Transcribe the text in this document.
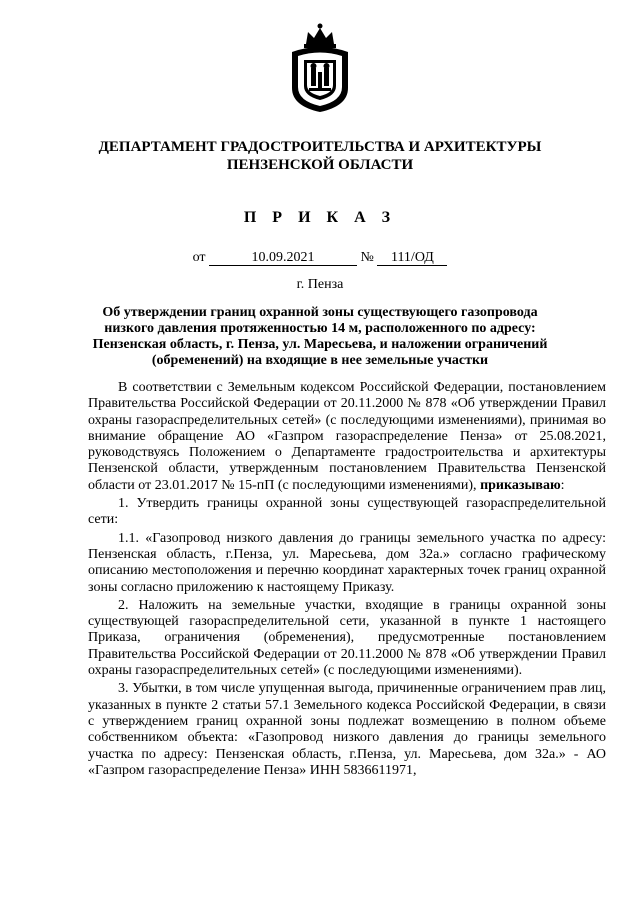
ДЕПАРТАМЕНТ ГРАДОСТРОИТЕЛЬСТВА И АРХИТЕКТУРЫ
ПЕНЗЕНСКОЙ ОБЛАСТИ
П Р И К А З
от	10.09.2021	№ 111/ОД
г. Пенза
Об утверждении границ охранной зоны существующего газопровода
низкого давления протяженностью 14 м, расположенного по адресу:
Пензенская область, г. Пенза, ул. Маресьева, и наложении ограничений
(обременений) на входящие в нее земельные участки

В соответствии с Земельным кодексом Российской Федерации, постановлением Правительства Российской Федерации от 20.11.2000 № 878 «Об утверждении Правил охраны газораспределительных сетей» (с последующими изменениями), принимая во внимание обращение АО «Газпром газораспределение Пенза» от 25.08.2021, руководствуясь Положением о Департаменте градостроительства и архитектуры Пензенской области, утвержденным постановлением Правительства Пензенской области от 23.01.2017 № 15-пП (с последующими изменениями), приказываю:

1. Утвердить границы охранной зоны существующей газораспределительной сети:

1.1. «Газопровод низкого давления до границы земельного участка по адресу: Пензенская область, г.Пенза, ул. Маресьева, дом 32а.» согласно графическому описанию местоположения и перечню координат характерных точек границ охранной зоны согласно приложению к настоящему Приказу.

2. Наложить на земельные участки, входящие в границы охранной зоны существующей газораспределительной сети, указанной в пункте 1 настоящего Приказа, ограничения (обременения), предусмотренные постановлением Правительства Российской Федерации от 20.11.2000 № 878 «Об утверждении Правил охраны газораспределительных сетей» (с последующими изменениями).

3. Убытки, в том числе упущенная выгода, причиненные ограничением прав лиц, указанных в пункте 2 статьи 57.1 Земельного кодекса Российской Федерации, в связи с утверждением границ охранной зоны подлежат возмещению в полном объеме собственником объекта: «Газопровод низкого давления до границы земельного участка по адресу: Пензенская область, г.Пенза, ул. Маресьева, дом 32а.» - АО «Газпром газораспределение Пенза» ИНН 5836611971,
